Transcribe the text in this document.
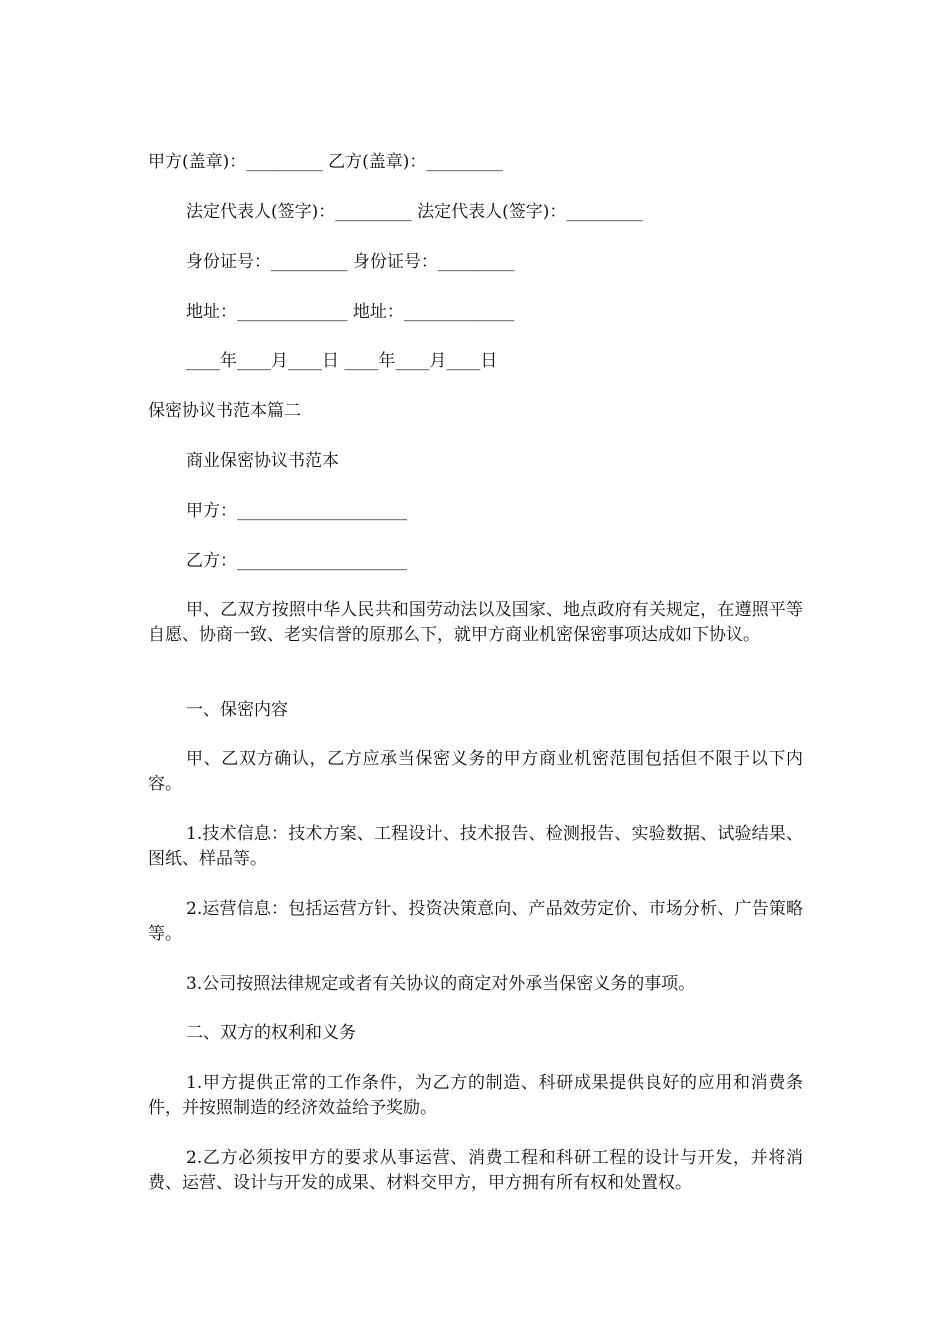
甲方(盖章)：_________ 乙方(盖章)：_________
法定代表人(签字)：_________ 法定代表人(签字)：_________
身份证号：_________ 身份证号：_________
地址：_____________ 地址：_____________
____年____月____日 ____年____月____日
保密协议书范本篇二
商业保密协议书范本
甲方：____________________
乙方：____________________
甲、乙双方按照中华人民共和国劳动法以及国家、地点政府有关规定，在遵照平等自愿、协商一致、老实信誉的原那么下，就甲方商业机密保密事项达成如下协议。
一、保密内容
甲、乙双方确认，乙方应承当保密义务的甲方商业机密范围包括但不限于以下内容。
1.技术信息：技术方案、工程设计、技术报告、检测报告、实验数据、试验结果、图纸、样品等。
2.运营信息：包括运营方针、投资决策意向、产品效劳定价、市场分析、广告策略等。
3.公司按照法律规定或者有关协议的商定对外承当保密义务的事项。
二、双方的权利和义务
1.甲方提供正常的工作条件，为乙方的制造、科研成果提供良好的应用和消费条件，并按照制造的经济效益给予奖励。
2.乙方必须按甲方的要求从事运营、消费工程和科研工程的设计与开发，并将消费、运营、设计与开发的成果、材料交甲方，甲方拥有所有权和处置权。
